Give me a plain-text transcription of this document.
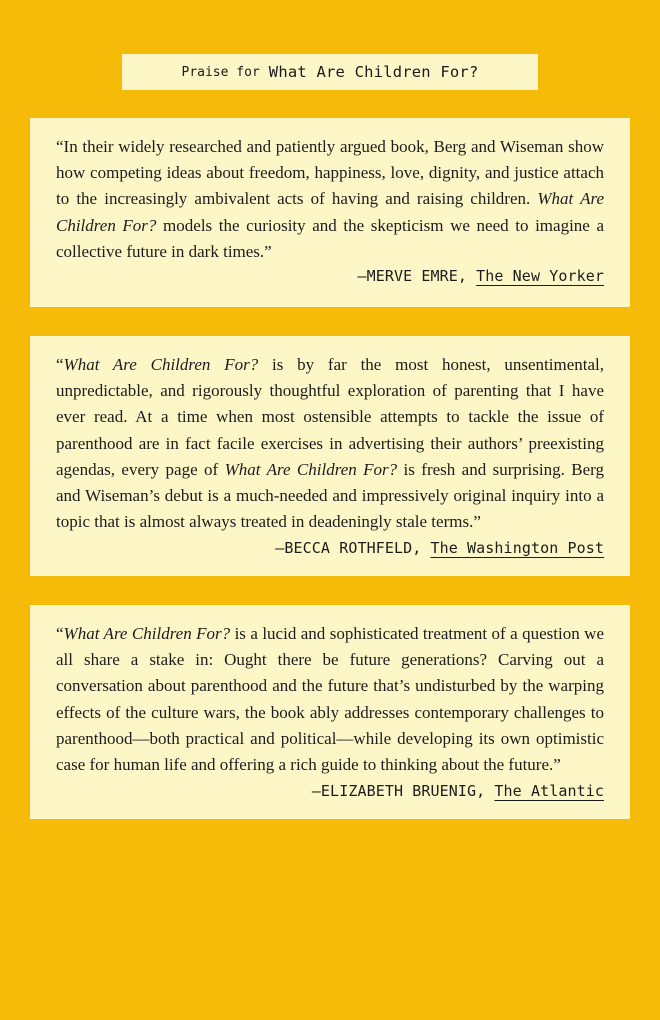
Praise for What Are Children For?

“In their widely researched and patiently argued book, Berg and Wiseman show how competing ideas about freedom, happiness, love, dignity, and justice attach to the increasingly ambivalent acts of having and raising children. What Are Children For? models the curiosity and the skepticism we need to imagine a collective future in dark times.”

—MERVE EMRE, The New Yorker

“What Are Children For? is by far the most honest, unsentimental, unpredictable, and rigorously thoughtful exploration of parenting that I have ever read. At a time when most ostensible attempts to tackle the issue of parenthood are in fact facile exercises in advertising their authors’ preexisting agendas, every page of What Are Children For? is fresh and surprising. Berg and Wiseman’s debut is a much-needed and impressively original inquiry into a topic that is almost always treated in deadeningly stale terms.”
—BECCA ROTHFELD, The Washington Post

“What Are Children For? is a lucid and sophisticated treatment of a question we all share a stake in: Ought there be future generations? Carving out a conversation about parenthood and the future that’s undisturbed by the warping effects of the culture wars, the book ably addresses contemporary challenges to parenthood—both practical and political—while developing its own optimistic case for human life and offering a rich guide to thinking about the future.”
—ELIZABETH BRUENIG, The Atlantic
